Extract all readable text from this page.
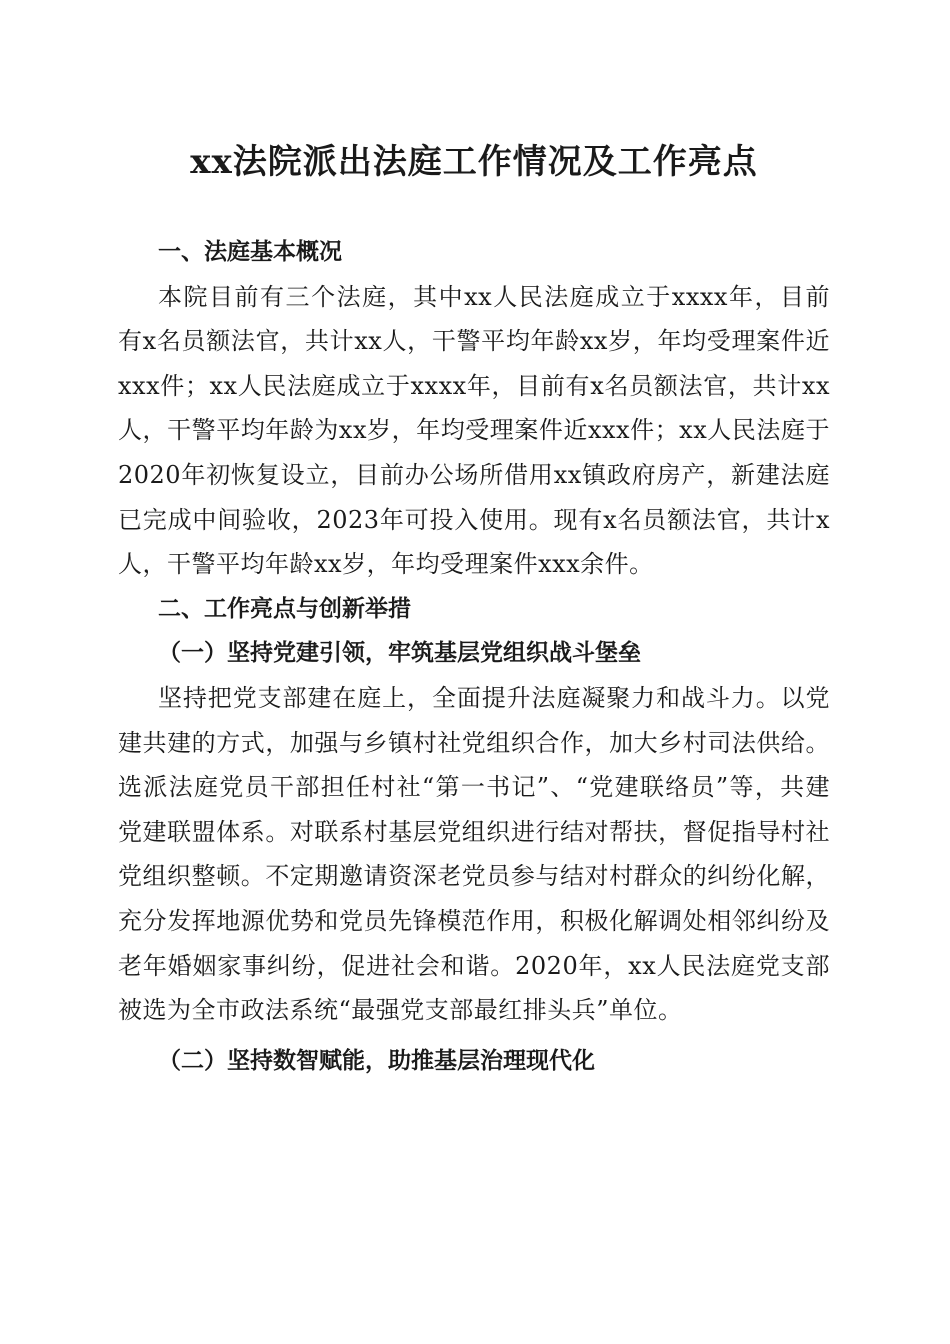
xx法院派出法庭工作情况及工作亮点
一、法庭基本概况

本院目前有三个法庭，其中xx人民法庭成立于xxxx年，目前有x名员额法官，共计xx人，干警平均年龄xx岁，年均受理案件近xxx件；xx人民法庭成立于xxxx年，目前有x名员额法官，共计xx人，干警平均年龄为xx岁，年均受理案件近xxx件；xx人民法庭于2020年初恢复设立，目前办公场所借用xx镇政府房产，新建法庭已完成中间验收，2023年可投入使用。现有x名员额法官，共计x人，干警平均年龄xx岁，年均受理案件xxx余件。

二、工作亮点与创新举措
（一）坚持党建引领，牢筑基层党组织战斗堡垒

坚持把党支部建在庭上，全面提升法庭凝聚力和战斗力。以党建共建的方式，加强与乡镇村社党组织合作，加大乡村司法供给。选派法庭党员干部担任村社“第一书记”、“党建联络员”等，共建党建联盟体系。对联系村基层党组织进行结对帮扶，督促指导村社党组织整顿。不定期邀请资深老党员参与结对村群众的纠纷化解，充分发挥地源优势和党员先锋模范作用，积极化解调处相邻纠纷及老年婚姻家事纠纷，促进社会和谐。2020年，xx人民法庭党支部被选为全市政法系统“最强党支部最红排头兵”单位。

（二）坚持数智赋能，助推基层治理现代化
